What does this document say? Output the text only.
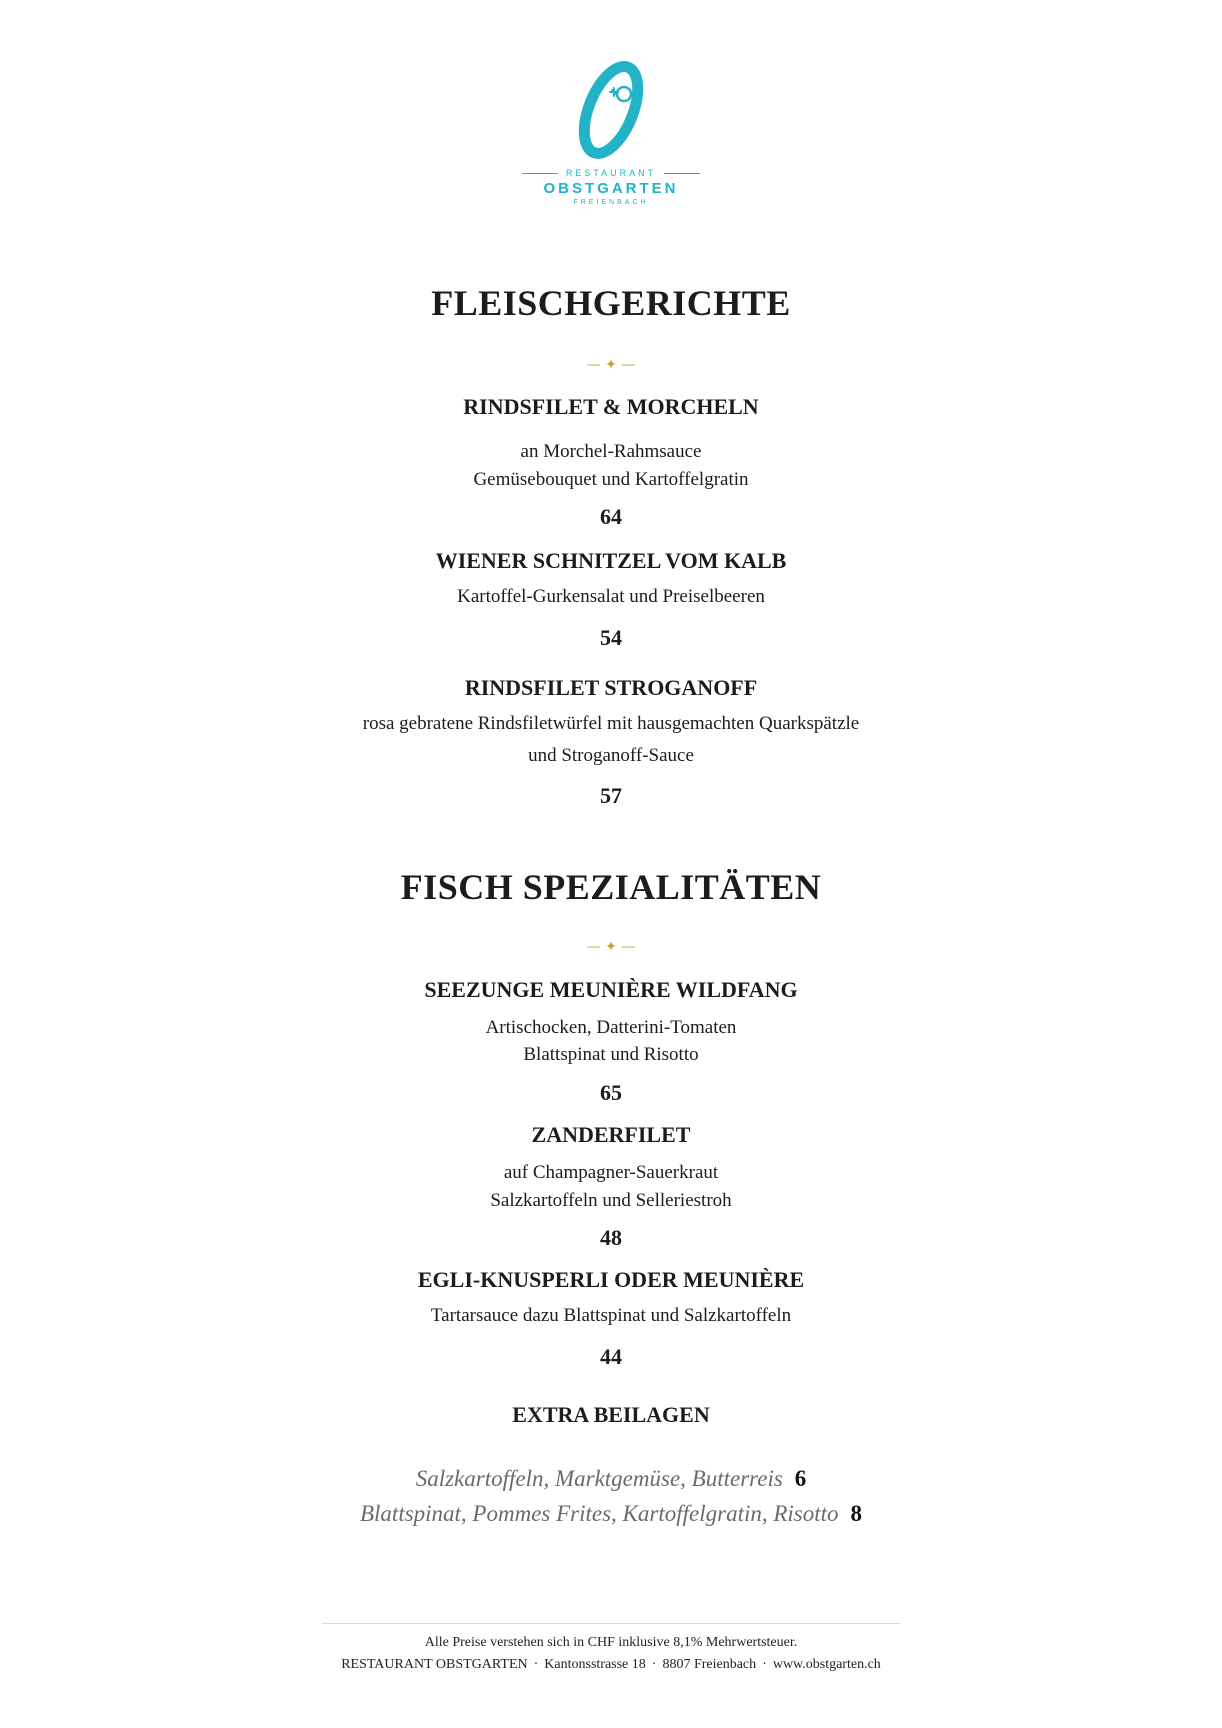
RESTAURANT
OBSTGARTEN
FREIENBACH
FLEISCHGERICHTE
— ✦ —
RINDSFILET & MORCHELN
an Morchel-Rahmsauce
Gemüsebouquet und Kartoffelgratin
64
WIENER SCHNITZEL VOM KALB
Kartoffel-Gurkensalat und Preiselbeeren
54
RINDSFILET STROGANOFF
rosa gebratene Rindsfiletwürfel mit hausgemachten Quarkspätzle
und Stroganoff-Sauce
57
FISCH SPEZIALITÄTEN
— ✦ —
SEEZUNGE MEUNIÈRE WILDFANG
Artischocken, Datterini-Tomaten
Blattspinat und Risotto
65
ZANDERFILET
auf Champagner-Sauerkraut
Salzkartoffeln und Selleriestroh
48
EGLI-KNUSPERLI ODER MEUNIÈRE
Tartarsauce dazu Blattspinat und Salzkartoffeln
44
EXTRA BEILAGEN
Salzkartoffeln, Marktgemüse, Butterreis 6
Blattspinat, Pommes Frites, Kartoffelgratin, Risotto 8
Alle Preise verstehen sich in CHF inklusive 8,1% Mehrwertsteuer.
RESTAURANT OBSTGARTEN · Kantonsstrasse 18 · 8807 Freienbach · www.obstgarten.ch
